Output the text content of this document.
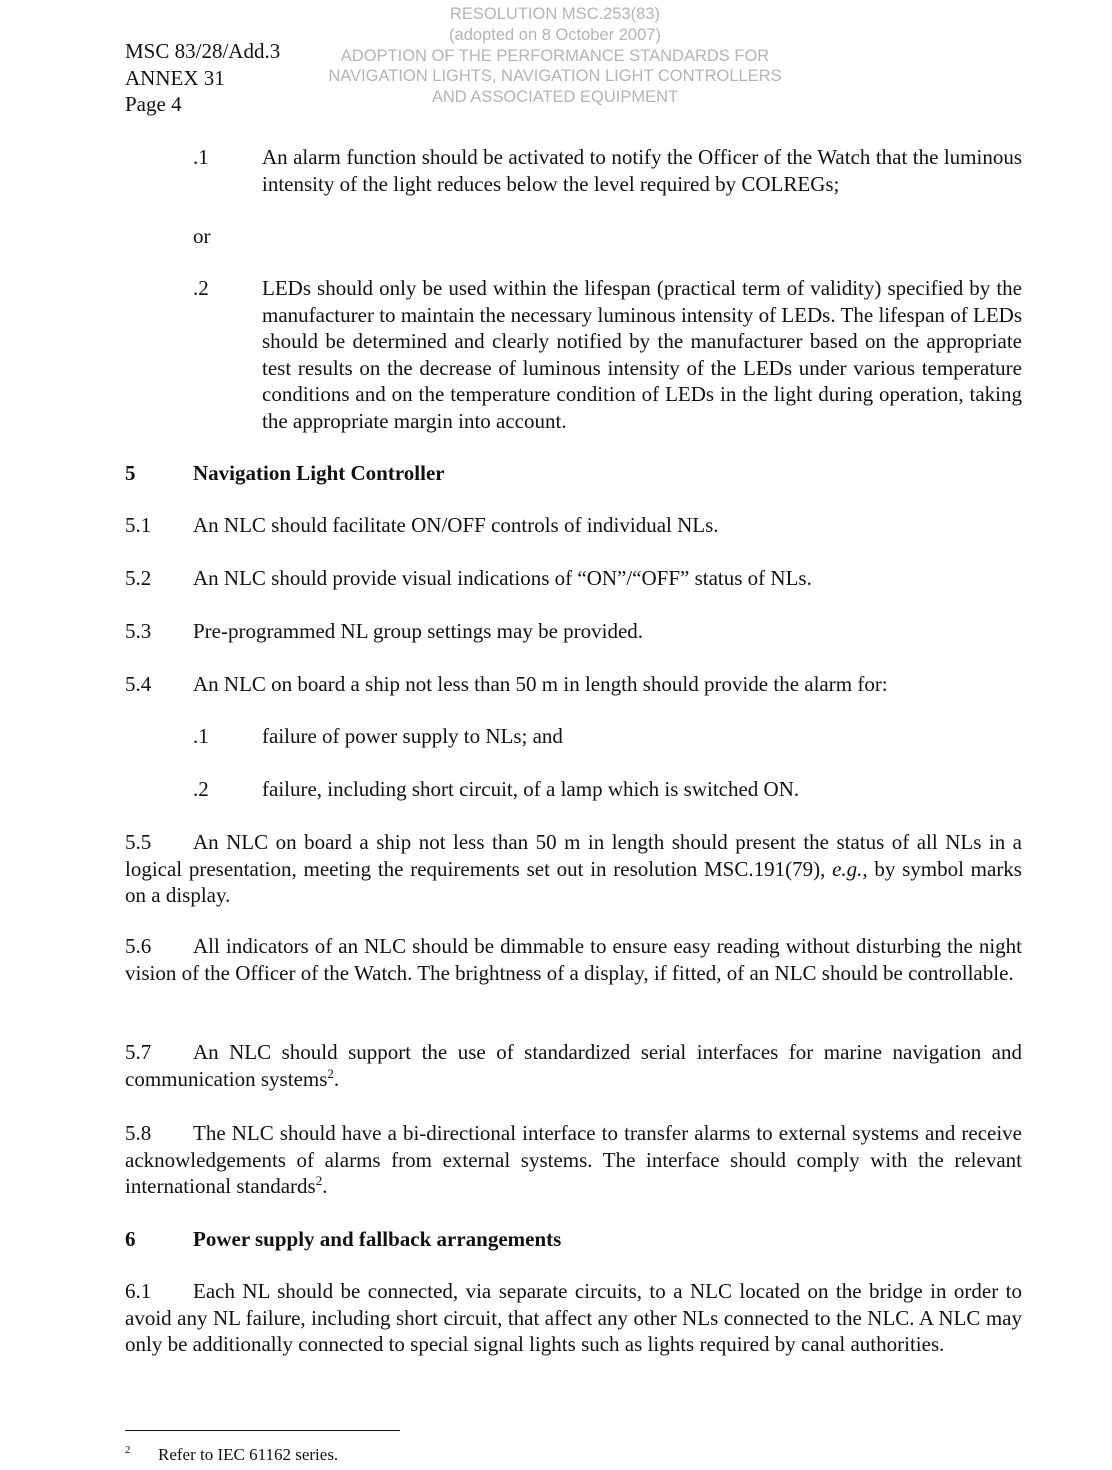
RESOLUTION MSC.253(83)
(adopted on 8 October 2007)
ADOPTION OF THE PERFORMANCE STANDARDS FOR
NAVIGATION LIGHTS, NAVIGATION LIGHT CONTROLLERS
AND ASSOCIATED EQUIPMENT
MSC 83/28/Add.3
ANNEX 31
Page 4
.1	An alarm function should be activated to notify the Officer of the Watch that the luminous intensity of the light reduces below the level required by COLREGs;
or
.2	LEDs should only be used within the lifespan (practical term of validity) specified by the manufacturer to maintain the necessary luminous intensity of LEDs. The lifespan of LEDs should be determined and clearly notified by the manufacturer based on the appropriate test results on the decrease of luminous intensity of the LEDs under various temperature conditions and on the temperature condition of LEDs in the light during operation, taking the appropriate margin into account.
5	Navigation Light Controller
5.1 An NLC should facilitate ON/OFF controls of individual NLs.
5.2 An NLC should provide visual indications of “ON”/“OFF” status of NLs.
5.3 Pre-programmed NL group settings may be provided.
5.4 An NLC on board a ship not less than 50 m in length should provide the alarm for:
.1	failure of power supply to NLs; and
.2	failure, including short circuit, of a lamp which is switched ON.
5.5 An NLC on board a ship not less than 50 m in length should present the status of all NLs in a logical presentation, meeting the requirements set out in resolution MSC.191(79), e.g., by symbol marks on a display.
5.6 All indicators of an NLC should be dimmable to ensure easy reading without disturbing the night vision of the Officer of the Watch. The brightness of a display, if fitted, of an NLC should be controllable.
5.7 An NLC should support the use of standardized serial interfaces for marine navigation and communication systems$^2$.
5.8 The NLC should have a bi-directional interface to transfer alarms to external systems and receive acknowledgements of alarms from external systems. The interface should comply with the relevant international standards$^2$.
6	Power supply and fallback arrangements
6.1 Each NL should be connected, via separate circuits, to a NLC located on the bridge in order to avoid any NL failure, including short circuit, that affect any other NLs connected to the NLC. A NLC may only be additionally connected to special signal lights such as lights required by canal authorities.
$^2$ Refer to IEC 61162 series.
